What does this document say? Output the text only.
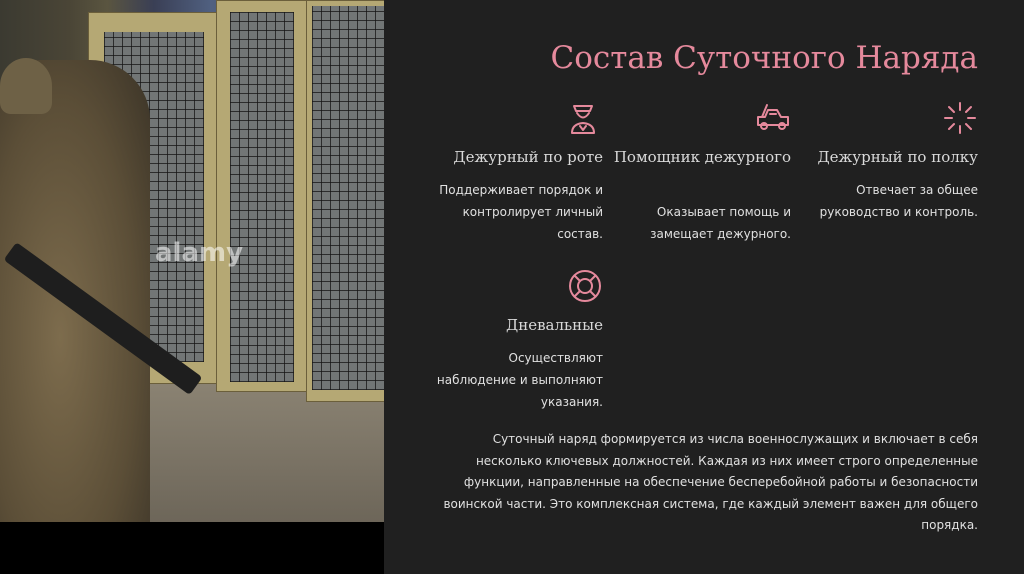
alamy
Состав Суточного Наряда
Дежурный по роте

Поддерживает порядок и

контролирует личный

состав.

Помощник дежурного

Оказывает помощь и

замещает дежурного.

Дежурный по полку

Отвечает за общее

руководство и контроль.

Дневальные

Осуществляют

наблюдение и выполняют

указания.

Суточный наряд формируется из числа военнослужащих и включает в себя
несколько ключевых должностей. Каждая из них имеет строго определенные
функции, направленные на обеспечение бесперебойной работы и безопасности
воинской части. Это комплексная система, где каждый элемент важен для общего
порядка.
